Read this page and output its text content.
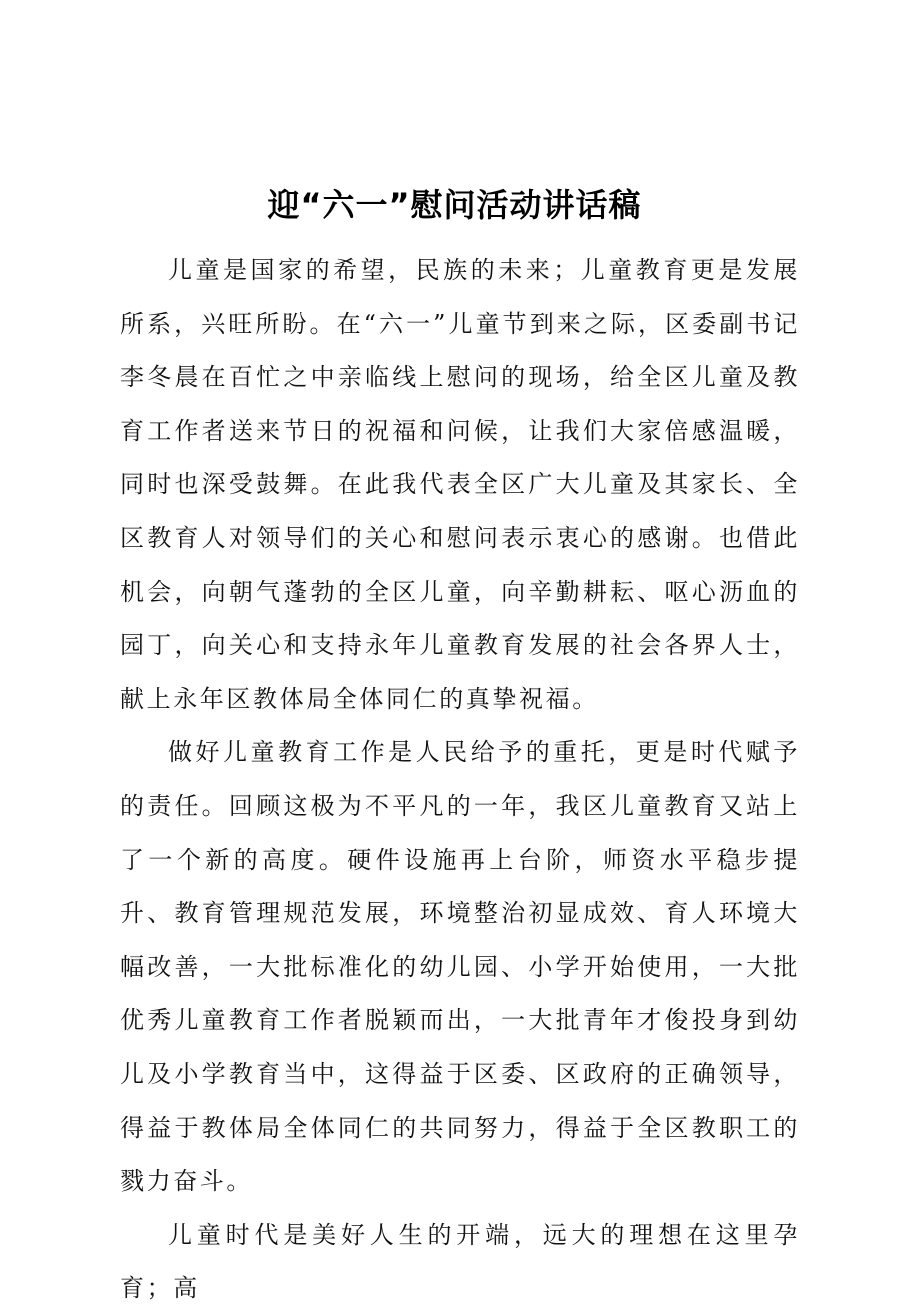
迎“六一”慰问活动讲话稿

儿童是国家的希望，民族的未来；儿童教育更是发展所系，兴旺所盼。在“六一”儿童节到来之际，区委副书记李冬晨在百忙之中亲临线上慰问的现场，给全区儿童及教育工作者送来节日的祝福和问候，让我们大家倍感温暖，同时也深受鼓舞。在此我代表全区广大儿童及其家长、全区教育人对领导们的关心和慰问表示衷心的感谢。也借此机会，向朝气蓬勃的全区儿童，向辛勤耕耘、呕心沥血的园丁，向关心和支持永年儿童教育发展的社会各界人士，献上永年区教体局全体同仁的真挚祝福。

做好儿童教育工作是人民给予的重托，更是时代赋予的责任。回顾这极为不平凡的一年，我区儿童教育又站上了一个新的高度。硬件设施再上台阶，师资水平稳步提升、教育管理规范发展，环境整治初显成效、育人环境大幅改善，一大批标准化的幼儿园、小学开始使用，一大批优秀儿童教育工作者脱颖而出，一大批青年才俊投身到幼儿及小学教育当中，这得益于区委、区政府的正确领导，得益于教体局全体同仁的共同努力，得益于全区教职工的戮力奋斗。

儿童时代是美好人生的开端，远大的理想在这里孕育；高
